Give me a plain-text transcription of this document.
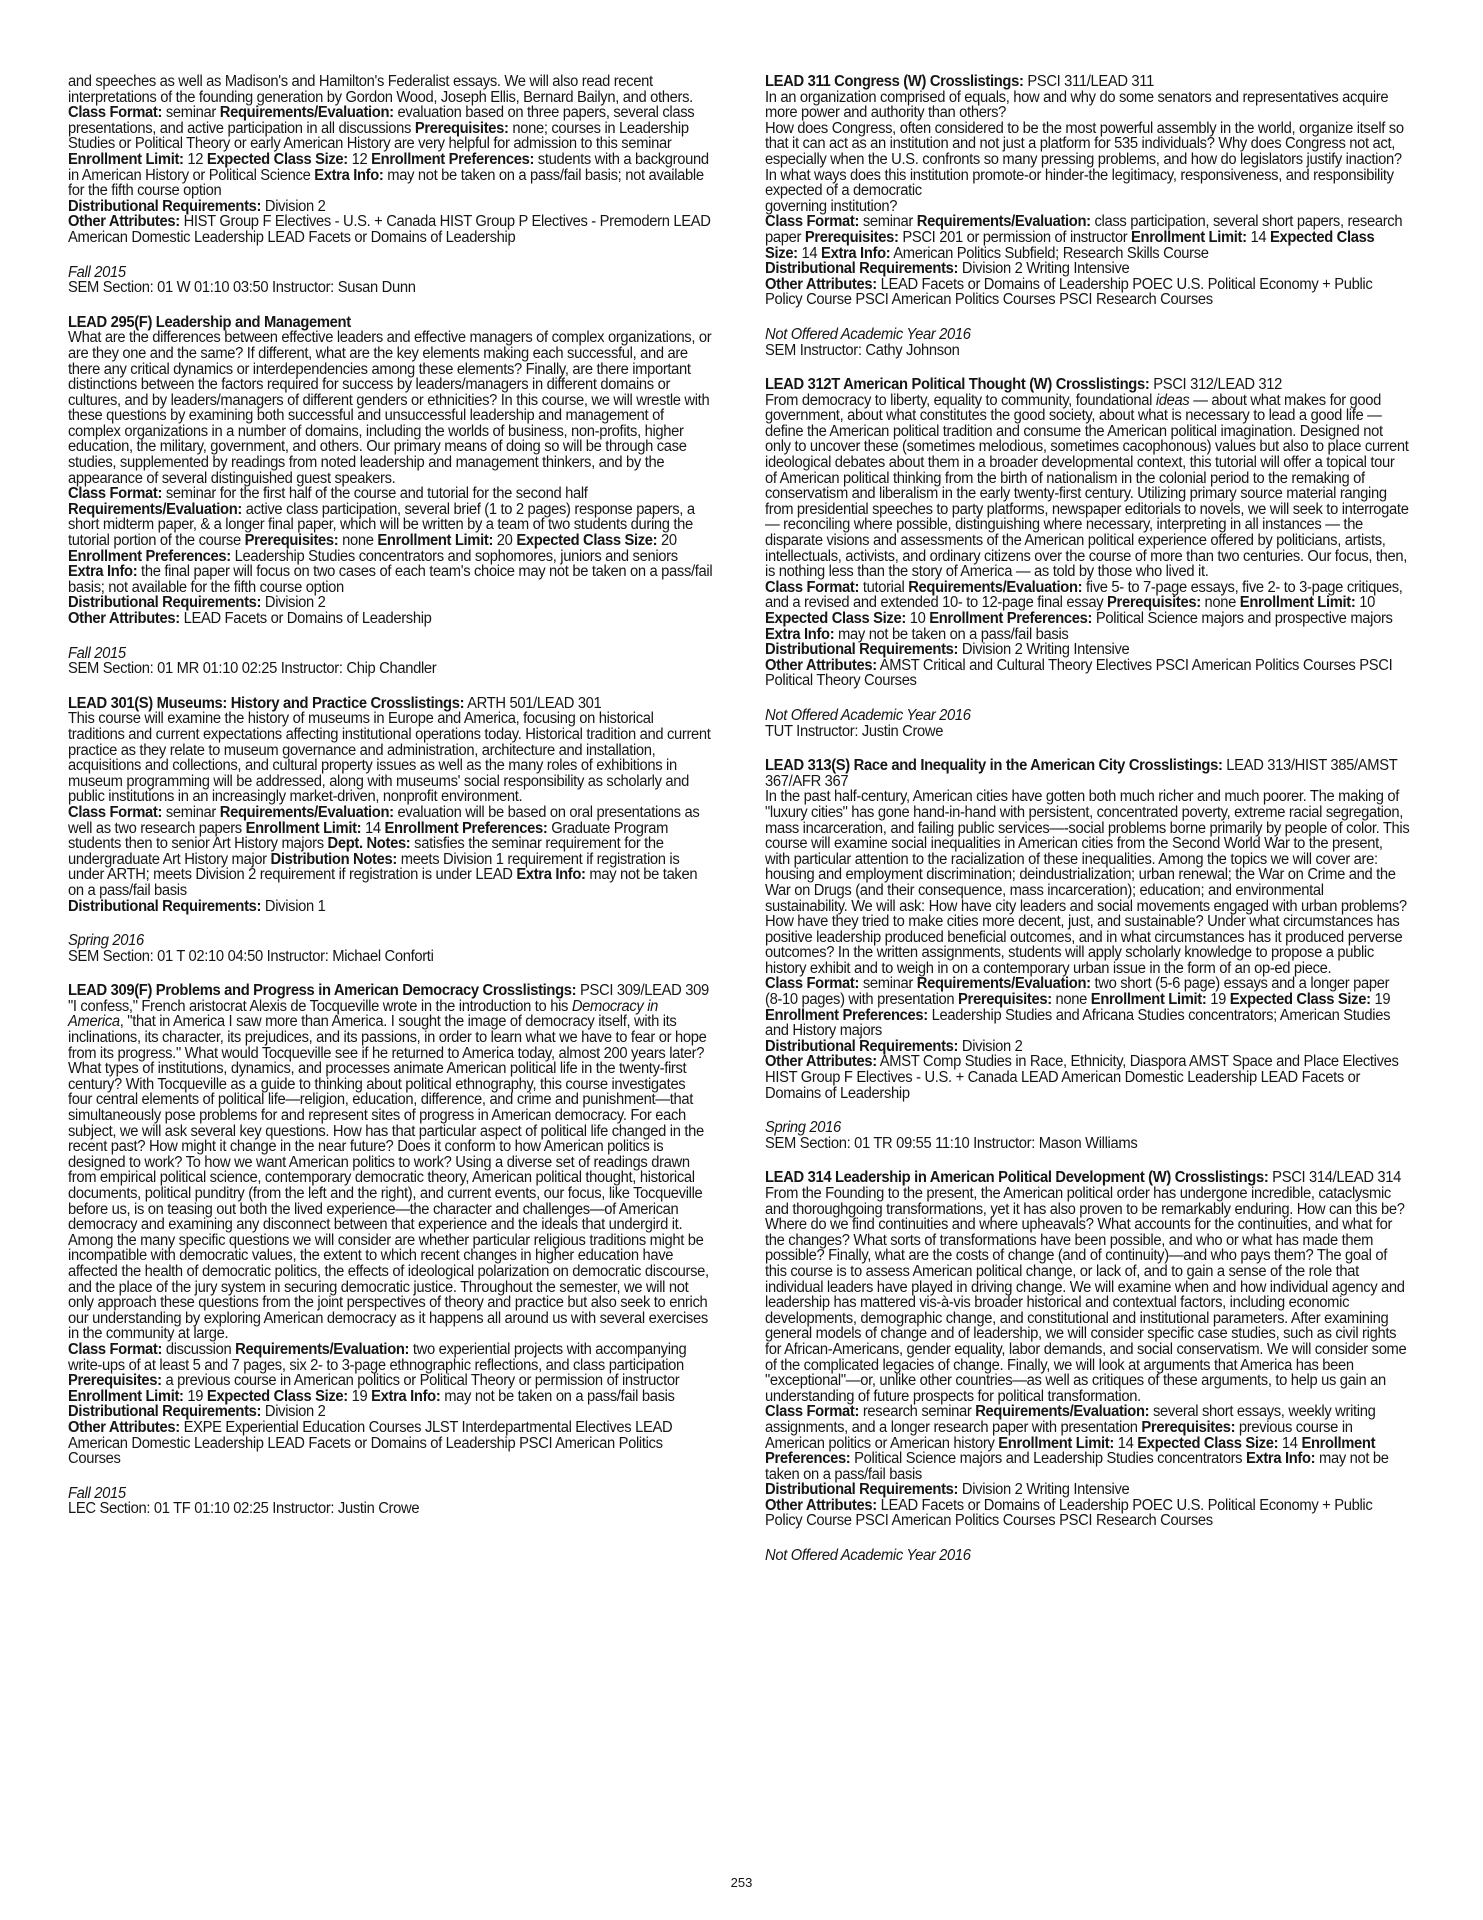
and speeches as well as Madison's and Hamilton's Federalist essays. We will also read recent interpretations of the founding generation by Gordon Wood, Joseph Ellis, Bernard Bailyn, and others.

Class Format: seminar Requirements/Evaluation: evaluation based on three papers, several class presentations, and active participation in all discussions Prerequisites: none; courses in Leadership Studies or Political Theory or early American History are very helpful for admission to this seminar Enrollment Limit: 12 Expected Class Size: 12 Enrollment Preferences: students with a background in American History or Political Science Extra Info: may not be taken on a pass/fail basis; not available for the fifth course option

Distributional Requirements: Division 2

Other Attributes: HIST Group F Electives - U.S. + Canada HIST Group P Electives - Premodern LEAD American Domestic Leadership LEAD Facets or Domains of Leadership

Fall 2015

SEM Section: 01 W 01:10 03:50 Instructor: Susan Dunn

LEAD 295(F) Leadership and Management

What are the differences between effective leaders and effective managers of complex organizations, or are they one and the same? If different, what are the key elements making each successful, and are there any critical dynamics or interdependencies among these elements? Finally, are there important distinctions between the factors required for success by leaders/managers in different domains or cultures, and by leaders/managers of different genders or ethnicities? In this course, we will wrestle with these questions by examining both successful and unsuccessful leadership and management of complex organizations in a number of domains, including the worlds of business, non-profits, higher education, the military, government, and others. Our primary means of doing so will be through case studies, supplemented by readings from noted leadership and management thinkers, and by the appearance of several distinguished guest speakers.

Class Format: seminar for the first half of the course and tutorial for the second half Requirements/Evaluation: active class participation, several brief (1 to 2 pages) response papers, a short midterm paper, & a longer final paper, which will be written by a team of two students during the tutorial portion of the course Prerequisites: none Enrollment Limit: 20 Expected Class Size: 20 Enrollment Preferences: Leadership Studies concentrators and sophomores, juniors and seniors Extra Info: the final paper will focus on two cases of each team's choice may not be taken on a pass/fail basis; not available for the fifth course option

Distributional Requirements: Division 2

Other Attributes: LEAD Facets or Domains of Leadership

Fall 2015

SEM Section: 01 MR 01:10 02:25 Instructor: Chip Chandler

LEAD 301(S) Museums: History and Practice Crosslistings: ARTH 501/LEAD 301

This course will examine the history of museums in Europe and America, focusing on historical traditions and current expectations affecting institutional operations today. Historical tradition and current practice as they relate to museum governance and administration, architecture and installation, acquisitions and collections, and cultural property issues as well as the many roles of exhibitions in museum programming will be addressed, along with museums' social responsibility as scholarly and public institutions in an increasingly market-driven, nonprofit environment.

Class Format: seminar Requirements/Evaluation: evaluation will be based on oral presentations as well as two research papers Enrollment Limit: 14 Enrollment Preferences: Graduate Program students then to senior Art History majors Dept. Notes: satisfies the seminar requirement for the undergraduate Art History major Distribution Notes: meets Division 1 requirement if registration is under ARTH; meets Division 2 requirement if registration is under LEAD Extra Info: may not be taken on a pass/fail basis

Distributional Requirements: Division 1

Spring 2016

SEM Section: 01 T 02:10 04:50 Instructor: Michael Conforti

LEAD 309(F) Problems and Progress in American Democracy Crosslistings: PSCI 309/LEAD 309

"I confess," French aristocrat Alexis de Tocqueville wrote in the introduction to his Democracy in America, "that in America I saw more than America. I sought the image of democracy itself, with its inclinations, its character, its prejudices, and its passions, in order to learn what we have to fear or hope from its progress." What would Tocqueville see if he returned to America today, almost 200 years later? What types of institutions, dynamics, and processes animate American political life in the twenty-first century? With Tocqueville as a guide to thinking about political ethnography, this course investigates four central elements of political life—religion, education, difference, and crime and punishment—that simultaneously pose problems for and represent sites of progress in American democracy. For each subject, we will ask several key questions. How has that particular aspect of political life changed in the recent past? How might it change in the near future? Does it conform to how American politics is designed to work? To how we want American politics to work? Using a diverse set of readings drawn from empirical political science, contemporary democratic theory, American political thought, historical documents, political punditry (from the left and the right), and current events, our focus, like Tocqueville before us, is on teasing out both the lived experience—the character and challenges—of American democracy and examining any disconnect between that experience and the ideals that undergird it. Among the many specific questions we will consider are whether particular religious traditions might be incompatible with democratic values, the extent to which recent changes in higher education have affected the health of democratic politics, the effects of ideological polarization on democratic discourse, and the place of the jury system in securing democratic justice. Throughout the semester, we will not only approach these questions from the joint perspectives of theory and practice but also seek to enrich our understanding by exploring American democracy as it happens all around us with several exercises in the community at large.

Class Format: discussion Requirements/Evaluation: two experiential projects with accompanying write-ups of at least 5 and 7 pages, six 2- to 3-page ethnographic reflections, and class participation Prerequisites: a previous course in American politics or Political Theory or permission of instructor Enrollment Limit: 19 Expected Class Size: 19 Extra Info: may not be taken on a pass/fail basis

Distributional Requirements: Division 2

Other Attributes: EXPE Experiential Education Courses JLST Interdepartmental Electives LEAD American Domestic Leadership LEAD Facets or Domains of Leadership PSCI American Politics Courses

Fall 2015

LEC Section: 01 TF 01:10 02:25 Instructor: Justin Crowe

LEAD 311 Congress (W) Crosslistings: PSCI 311/LEAD 311

In an organization comprised of equals, how and why do some senators and representatives acquire more power and authority than others?

How does Congress, often considered to be the most powerful assembly in the world, organize itself so that it can act as an institution and not just a platform for 535 individuals? Why does Congress not act, especially when the U.S. confronts so many pressing problems, and how do legislators justify inaction? In what ways does this institution promote-or hinder-the legitimacy, responsiveness, and responsibility expected of a democratic

governing institution?

Class Format: seminar Requirements/Evaluation: class participation, several short papers, research paper Prerequisites: PSCI 201 or permission of instructor Enrollment Limit: 14 Expected Class Size: 14 Extra Info: American Politics Subfield; Research Skills Course

Distributional Requirements: Division 2 Writing Intensive

Other Attributes: LEAD Facets or Domains of Leadership POEC U.S. Political Economy + Public Policy Course PSCI American Politics Courses PSCI Research Courses

Not Offered Academic Year 2016

SEM Instructor: Cathy Johnson

LEAD 312T American Political Thought (W) Crosslistings: PSCI 312/LEAD 312

From democracy to liberty, equality to community, foundational ideas — about what makes for good government, about what constitutes the good society, about what is necessary to lead a good life — define the American political tradition and consume the American political imagination. Designed not only to uncover these (sometimes melodious, sometimes cacophonous) values but also to place current ideological debates about them in a broader developmental context, this tutorial will offer a topical tour of American political thinking from the birth of nationalism in the colonial period to the remaking of conservatism and liberalism in the early twenty-first century. Utilizing primary source material ranging from presidential speeches to party platforms, newspaper editorials to novels, we will seek to interrogate — reconciling where possible, distinguishing where necessary, interpreting in all instances — the disparate visions and assessments of the American political experience offered by politicians, artists, intellectuals, activists, and ordinary citizens over the course of more than two centuries. Our focus, then, is nothing less than the story of America — as told by those who lived it.

Class Format: tutorial Requirements/Evaluation: five 5- to 7-page essays, five 2- to 3-page critiques, and a revised and extended 10- to 12-page final essay Prerequisites: none Enrollment Limit: 10 Expected Class Size: 10 Enrollment Preferences: Political Science majors and prospective majors Extra Info: may not be taken on a pass/fail basis

Distributional Requirements: Division 2 Writing Intensive

Other Attributes: AMST Critical and Cultural Theory Electives PSCI American Politics Courses PSCI Political Theory Courses

Not Offered Academic Year 2016

TUT Instructor: Justin Crowe

LEAD 313(S) Race and Inequality in the American City Crosslistings: LEAD 313/HIST 385/AMST 367/AFR 367

In the past half-century, American cities have gotten both much richer and much poorer. The making of "luxury cities" has gone hand-in-hand with persistent, concentrated poverty, extreme racial segregation, mass incarceration, and failing public services—-social problems borne primarily by people of color. This course will examine social inequalities in American cities from the Second World War to the present, with particular attention to the racialization of these inequalities. Among the topics we will cover are: housing and employment discrimination; deindustrialization; urban renewal; the War on Crime and the War on Drugs (and their consequence, mass incarceration); education; and environmental sustainability. We will ask: How have city leaders and social movements engaged with urban problems? How have they tried to make cities more decent, just, and sustainable? Under what circumstances has positive leadership produced beneficial outcomes, and in what circumstances has it produced perverse outcomes? In the written assignments, students will apply scholarly knowledge to propose a public history exhibit and to weigh in on a contemporary urban issue in the form of an op-ed piece.

Class Format: seminar Requirements/Evaluation: two short (5-6 page) essays and a longer paper (8-10 pages) with presentation Prerequisites: none Enrollment Limit: 19 Expected Class Size: 19 Enrollment Preferences: Leadership Studies and Africana Studies concentrators; American Studies and History majors

Distributional Requirements: Division 2

Other Attributes: AMST Comp Studies in Race, Ethnicity, Diaspora AMST Space and Place Electives HIST Group F Electives - U.S. + Canada LEAD American Domestic Leadership LEAD Facets or Domains of Leadership

Spring 2016

SEM Section: 01 TR 09:55 11:10 Instructor: Mason Williams

LEAD 314 Leadership in American Political Development (W) Crosslistings: PSCI 314/LEAD 314

From the Founding to the present, the American political order has undergone incredible, cataclysmic and thoroughgoing transformations, yet it has also proven to be remarkably enduring. How can this be? Where do we find continuities and where upheavals? What accounts for the continuities, and what for the changes? What sorts of transformations have been possible, and who or what has made them possible? Finally, what are the costs of change (and of continuity)—and who pays them? The goal of this course is to assess American political change, or lack of, and to gain a sense of the role that individual leaders have played in driving change. We will examine when and how individual agency and leadership has mattered vis-à-vis broader historical and contextual factors, including economic developments, demographic change, and constitutional and institutional parameters. After examining general models of change and of leadership, we will consider specific case studies, such as civil rights for African-Americans, gender equality, labor demands, and social conservatism. We will consider some of the complicated legacies of change. Finally, we will look at arguments that America has been "exceptional"—or, unlike other countries—as well as critiques of these arguments, to help us gain an understanding of future prospects for political transformation.

Class Format: research seminar Requirements/Evaluation: several short essays, weekly writing assignments, and a longer research paper with presentation Prerequisites: previous course in American politics or American history Enrollment Limit: 14 Expected Class Size: 14 Enrollment Preferences: Political Science majors and Leadership Studies concentrators Extra Info: may not be taken on a pass/fail basis

Distributional Requirements: Division 2 Writing Intensive

Other Attributes: LEAD Facets or Domains of Leadership POEC U.S. Political Economy + Public Policy Course PSCI American Politics Courses PSCI Research Courses

Not Offered Academic Year 2016

253
